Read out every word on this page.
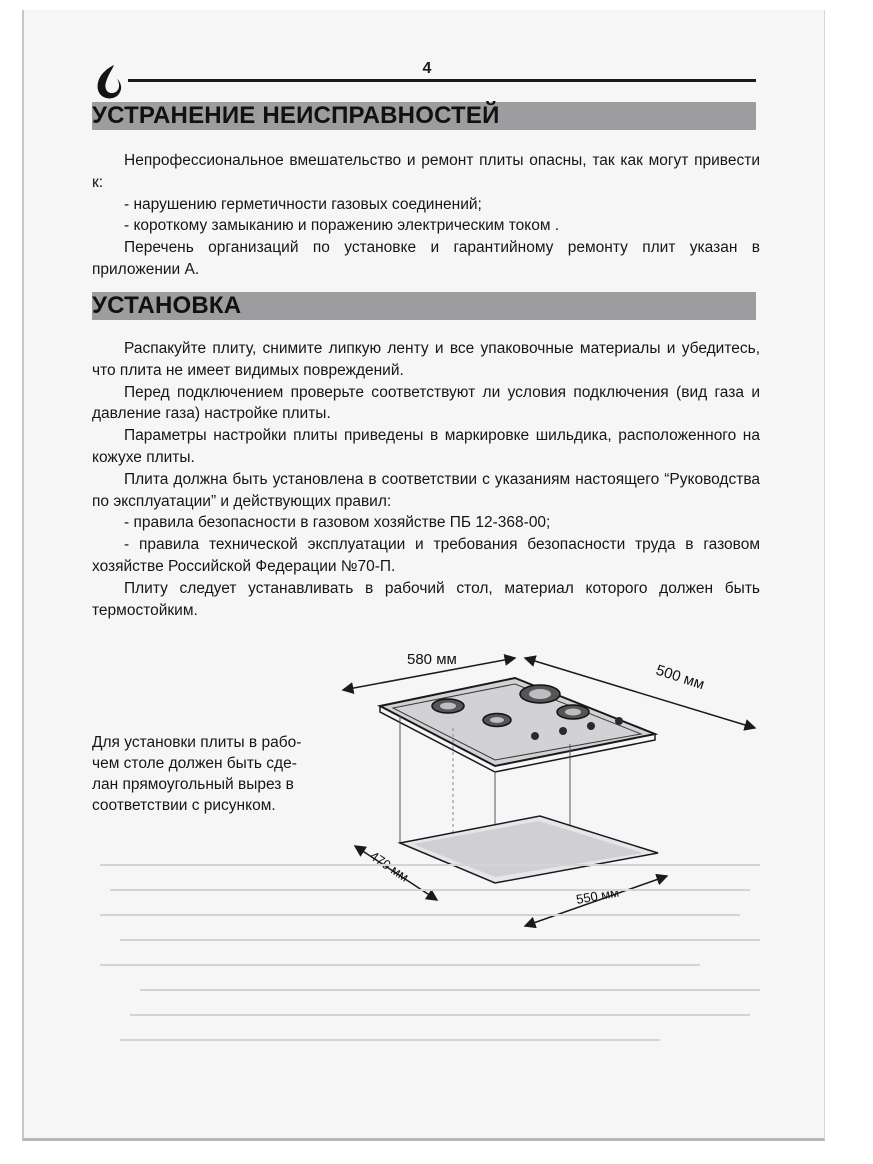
4
УСТРАНЕНИЕ НЕИСПРАВНОСТЕЙ

Непрофессиональное вмешательство и ремонт плиты опасны, так как могут привести к:

- нарушению герметичности газовых соединений;

- короткому замыканию и поражению электрическим током .

Перечень организаций по установке и гарантийному ремонту плит указан в приложении А.

УСТАНОВКА

Распакуйте плиту, снимите липкую ленту и все упаковочные материалы и убедитесь, что плита не имеет видимых повреждений.

Перед подключением проверьте соответствуют ли условия подключения (вид газа и давление газа) настройке плиты.

Параметры настройки плиты приведены в маркировке шильдика, расположенного на кожухе плиты.

Плита должна быть установлена в соответствии с указаниям настоящего “Руководства по эксплуатации” и действующих правил:

- правила безопасности в газовом хозяйстве ПБ 12-368-00;

- правила технической эксплуатации и требования безопасности труда в газовом хозяйстве Российской Федерации №70-П.

Плиту следует устанавливать в рабочий стол, материал которого должен быть термостойким.

Для установки плиты в рабо-

чем столе должен быть сде-

лан прямоугольный вырез в

соответствии с рисунком.

580 мм
500 мм
470 мм
550 мм
